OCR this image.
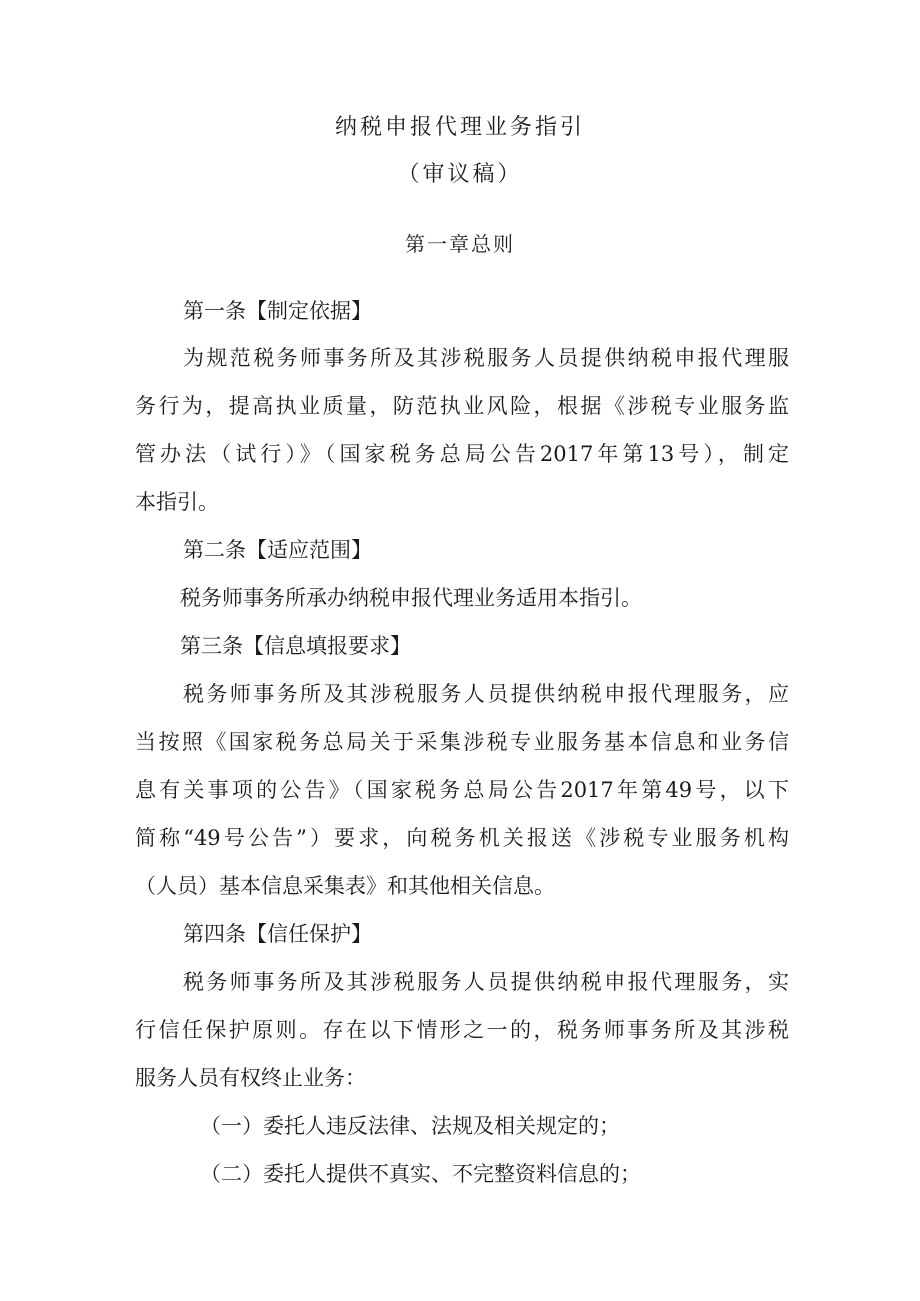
纳税申报代理业务指引
（审议稿）
第一章总则
第一条【制定依据】
为规范税务师事务所及其涉税服务人员提供纳税申报代理服
务行为，提高执业质量，防范执业风险，根据《涉税专业服务监
管办法（试行）》（国家税务总局公告2017年第13号），制定
本指引。
第二条【适应范围】
税务师事务所承办纳税申报代理业务适用本指引。
第三条【信息填报要求】
税务师事务所及其涉税服务人员提供纳税申报代理服务，应
当按照《国家税务总局关于采集涉税专业服务基本信息和业务信
息有关事项的公告》（国家税务总局公告2017年第49号，以下
简称“49号公告”）要求，向税务机关报送《涉税专业服务机构
（人员）基本信息采集表》和其他相关信息。
第四条【信任保护】
税务师事务所及其涉税服务人员提供纳税申报代理服务，实
行信任保护原则。存在以下情形之一的，税务师事务所及其涉税
服务人员有权终止业务：
（一）委托人违反法律、法规及相关规定的；
（二）委托人提供不真实、不完整资料信息的；
